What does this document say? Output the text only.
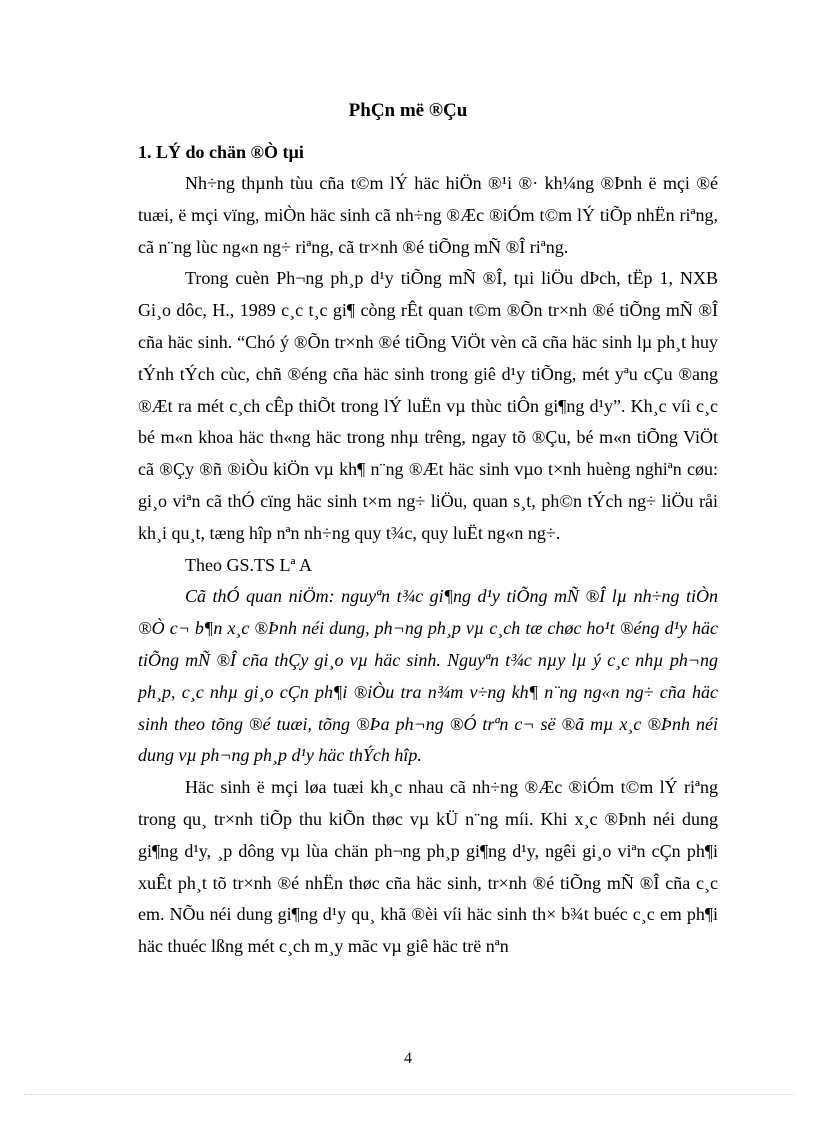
PhÇn më ®Çu
1. LÝ do chän ®Ò tµi

Nh÷ng thµnh tùu cña t©m lÝ häc hiÖn ®¹i ®· kh¼ng ®Þnh ë mçi ®é tuæi, ë mçi vïng, miÒn häc sinh cã nh÷ng ®Æc ®iÓm t©m lÝ tiÕp nhËn riªng, cã n¨ng lùc ng«n ng÷ riªng, cã tr×nh ®é tiÕng mÑ ®Î riªng.

Trong cuèn Ph¬ng ph¸p d¹y tiÕng mÑ ®Î, tµi liÖu dÞch, tËp 1, NXB Gi¸o dôc, H., 1989 c¸c t¸c gi¶ còng rÊt quan t©m ®Õn tr×nh ®é tiÕng mÑ ®Î cña häc sinh. “Chó ý ®Õn tr×nh ®é tiÕng ViÖt vèn cã cña häc sinh lµ ph¸t huy tÝnh tÝch cùc, chñ ®éng cña häc sinh trong giê d¹y tiÕng, mét yªu cÇu ®ang ®Æt ra mét c¸ch cÊp thiÕt trong lÝ luËn vµ thùc tiÔn gi¶ng d¹y”. Kh¸c víi c¸c bé m«n khoa häc th«ng häc trong nhµ trêng, ngay tõ ®Çu, bé m«n tiÕng ViÖt cã ®Çy ®ñ ®iÒu kiÖn vµ kh¶ n¨ng ®Æt häc sinh vµo t×nh huèng nghiªn cøu: gi¸o viªn cã thÓ cïng häc sinh t×m ng÷ liÖu, quan s¸t, ph©n tÝch ng÷ liÖu råi kh¸i qu¸t, tæng hîp nªn nh÷ng quy t¾c, quy luËt ng«n ng÷.

Theo GS.TS Lª A

Cã thÓ quan niÖm: nguyªn t¾c gi¶ng d¹y tiÕng mÑ ®Î lµ nh÷ng tiÒn ®Ò c¬ b¶n x¸c ®Þnh néi dung, ph¬ng ph¸p vµ c¸ch tæ chøc ho¹t ®éng d¹y häc tiÕng mÑ ®Î cña thÇy gi¸o vµ häc sinh. Nguyªn t¾c nµy lµ ý c¸c nhµ ph¬ng ph¸p, c¸c nhµ gi¸o cÇn ph¶i ®iÒu tra n¾m v÷ng kh¶ n¨ng ng«n ng÷ cña häc sinh theo tõng ®é tuæi, tõng ®Þa ph¬ng ®Ó trªn c¬ së ®ã mµ x¸c ®Þnh néi dung vµ ph¬ng ph¸p d¹y häc thÝch hîp.

Häc sinh ë mçi løa tuæi kh¸c nhau cã nh÷ng ®Æc ®iÓm t©m lÝ riªng trong qu¸ tr×nh tiÕp thu kiÕn thøc vµ kÜ n¨ng míi. Khi x¸c ®Þnh néi dung gi¶ng d¹y, ¸p dông vµ lùa chän ph¬ng ph¸p gi¶ng d¹y, ngêi gi¸o viªn cÇn ph¶i xuÊt ph¸t tõ tr×nh ®é nhËn thøc cña häc sinh, tr×nh ®é tiÕng mÑ ®Î cña c¸c em. NÕu néi dung gi¶ng d¹y qu¸ khã ®èi víi häc sinh th× b¾t buéc c¸c em ph¶i häc thuéc lßng mét c¸ch m¸y mãc vµ giê häc trë nªn

4
